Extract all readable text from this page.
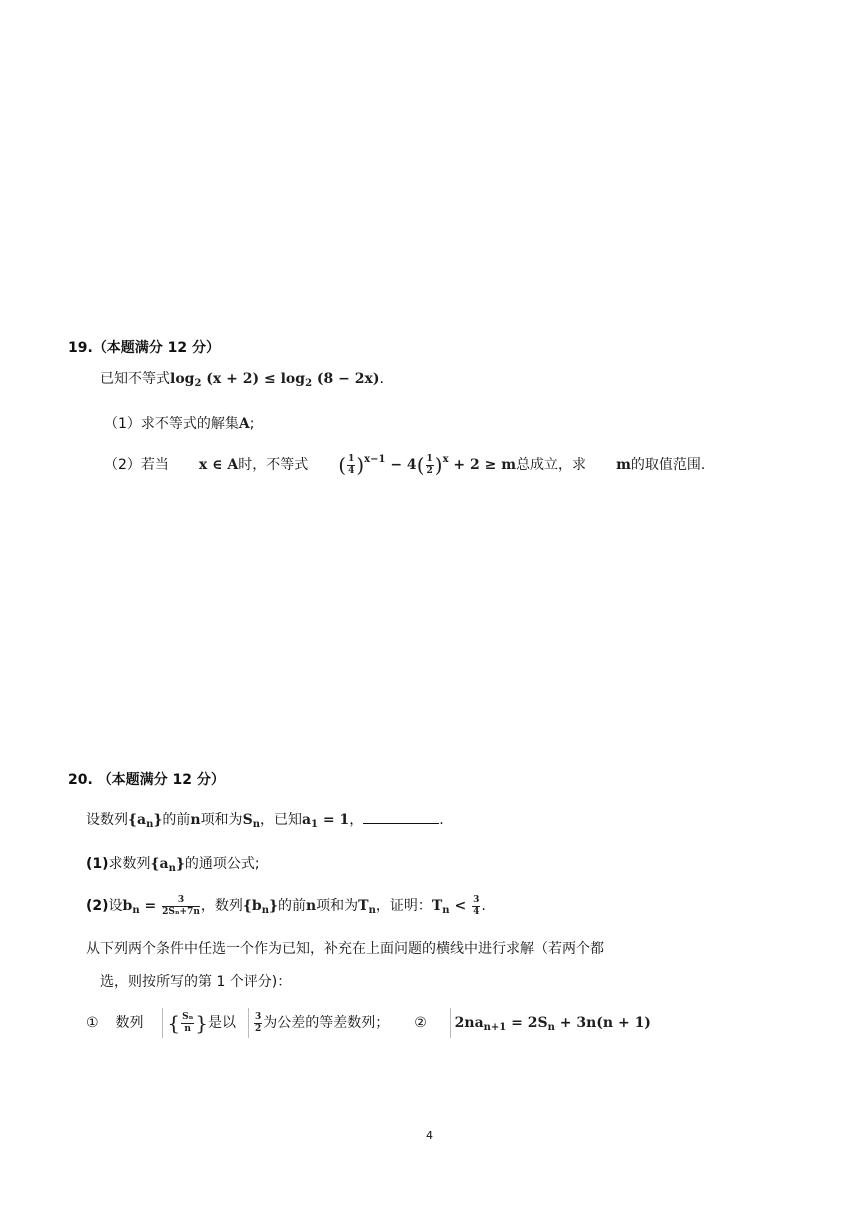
19.（本题满分 12 分）
已知不等式$\log_2 (x + 2) \le \log_2 (8 - 2x)$.
（1）求不等式的解集A;
（2）若当 x ∈ A时，不等式 ( $\frac{1}{4} )^{x-1} - 4( \frac{1}{2} )^x + 2 \ge m$总成立，求 m的取值范围.
20. （本题满分 12 分）
设数列$\{a_n\}$的前n项和为$S_n$，已知$a_1 = 1$，	.
(1)求数列$\{a_n\}$的通项公式;
(2)设$b_n = \frac{3}{\text{2Sₙ+7n}}$ ，数列$\{b_n\}$的前n项和为$T_n$，证明：$T_n < \frac{3}{4}$ .
从下列两个条件中任选一个作为已知，补充在上面问题的横线中进行求解（若两个都
选，则按所写的第 1 个评分)：
① 数列 { $\frac{\text{Sₙ}}{n}$ }是以 $\frac{3}{2}$ 为公差的等差数列； ② $2na_{n+1} = 2S_n + 3n(n + 1)$
4
